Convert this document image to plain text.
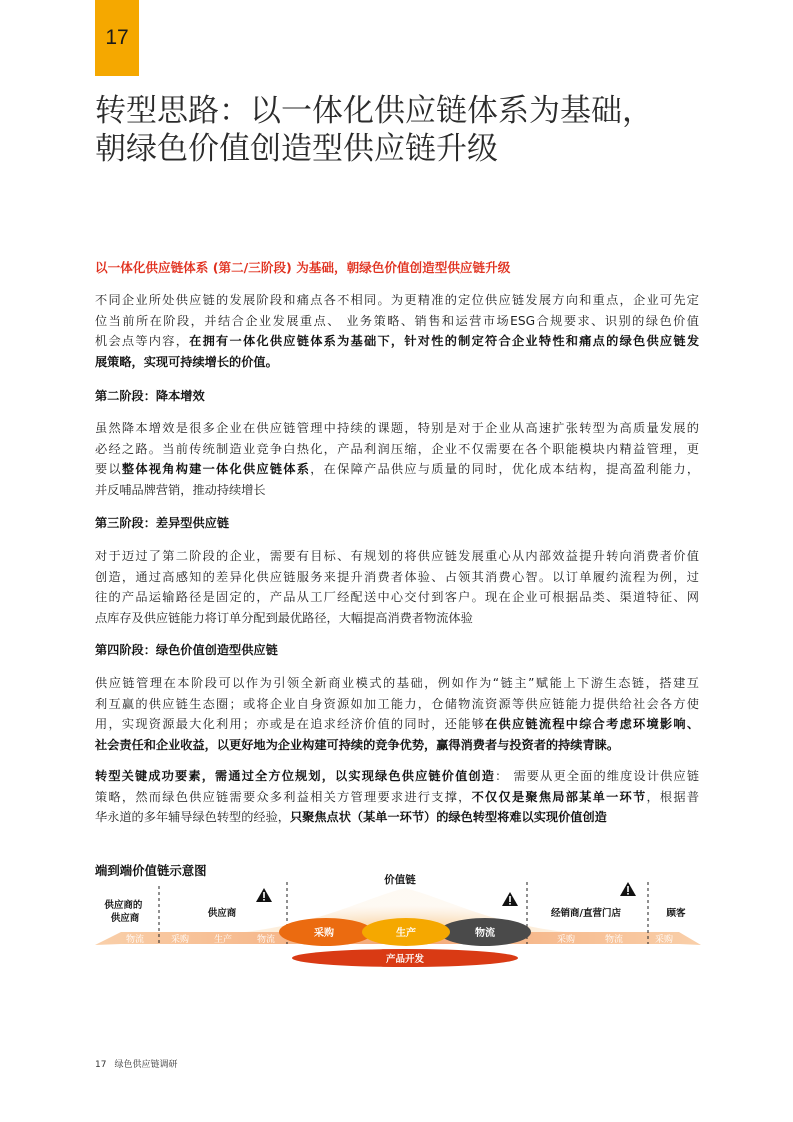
17
转型思路：以一体化供应链体系为基础，
朝绿色价值创造型供应链升级

以一体化供应链体系 (第二/三阶段) 为基础，朝绿色价值创造型供应链升级

不同企业所处供应链的发展阶段和痛点各不相同。为更精准的定位供应链发展方向和重点，企业可先定
位当前所在阶段，并结合企业发展重点、 业务策略、销售和运营市场ESG合规要求、识别的绿色价值
机会点等内容，在拥有一体化供应链体系为基础下，针对性的制定符合企业特性和痛点的绿色供应链发
展策略，实现可持续增长的价值。

第二阶段：降本增效

虽然降本增效是很多企业在供应链管理中持续的课题，特别是对于企业从高速扩张转型为高质量发展的
必经之路。当前传统制造业竞争白热化，产品利润压缩，企业不仅需要在各个职能模块内精益管理，更
要以整体视角构建一体化供应链体系，在保障产品供应与质量的同时，优化成本结构，提高盈利能力，
并反哺品牌营销，推动持续增长

第三阶段：差异型供应链

对于迈过了第二阶段的企业，需要有目标、有规划的将供应链发展重心从内部效益提升转向消费者价值
创造，通过高感知的差异化供应链服务来提升消费者体验、占领其消费心智。以订单履约流程为例，过
往的产品运输路径是固定的，产品从工厂经配送中心交付到客户。现在企业可根据品类、渠道特征、网
点库存及供应链能力将订单分配到最优路径，大幅提高消费者物流体验

第四阶段：绿色价值创造型供应链

供应链管理在本阶段可以作为引领全新商业模式的基础，例如作为“链主”赋能上下游生态链，搭建互
利互赢的供应链生态圈；或将企业自身资源如加工能力，仓储物流资源等供应链能力提供给社会各方使
用，实现资源最大化利用；亦或是在追求经济价值的同时，还能够在供应链流程中综合考虑环境影响、
社会责任和企业收益，以更好地为企业构建可持续的竞争优势，赢得消费者与投资者的持续青睐。

转型关键成功要素，需通过全方位规划，以实现绿色供应链价值创造： 需要从更全面的维度设计供应链
策略，然而绿色供应链需要众多利益相关方管理要求进行支撑，不仅仅是聚焦局部某单一环节，根据普
华永道的多年辅导绿色转型的经验，只聚焦点状（某单一环节）的绿色转型将难以实现价值创造

端到端价值链示意图
价值链
供应商的 供应商	供应商	经销商/直营门店	顾客
物流	采购	生产	物流	采购	物流	采购
采购	生产	物流
产品开发
17 绿色供应链调研
